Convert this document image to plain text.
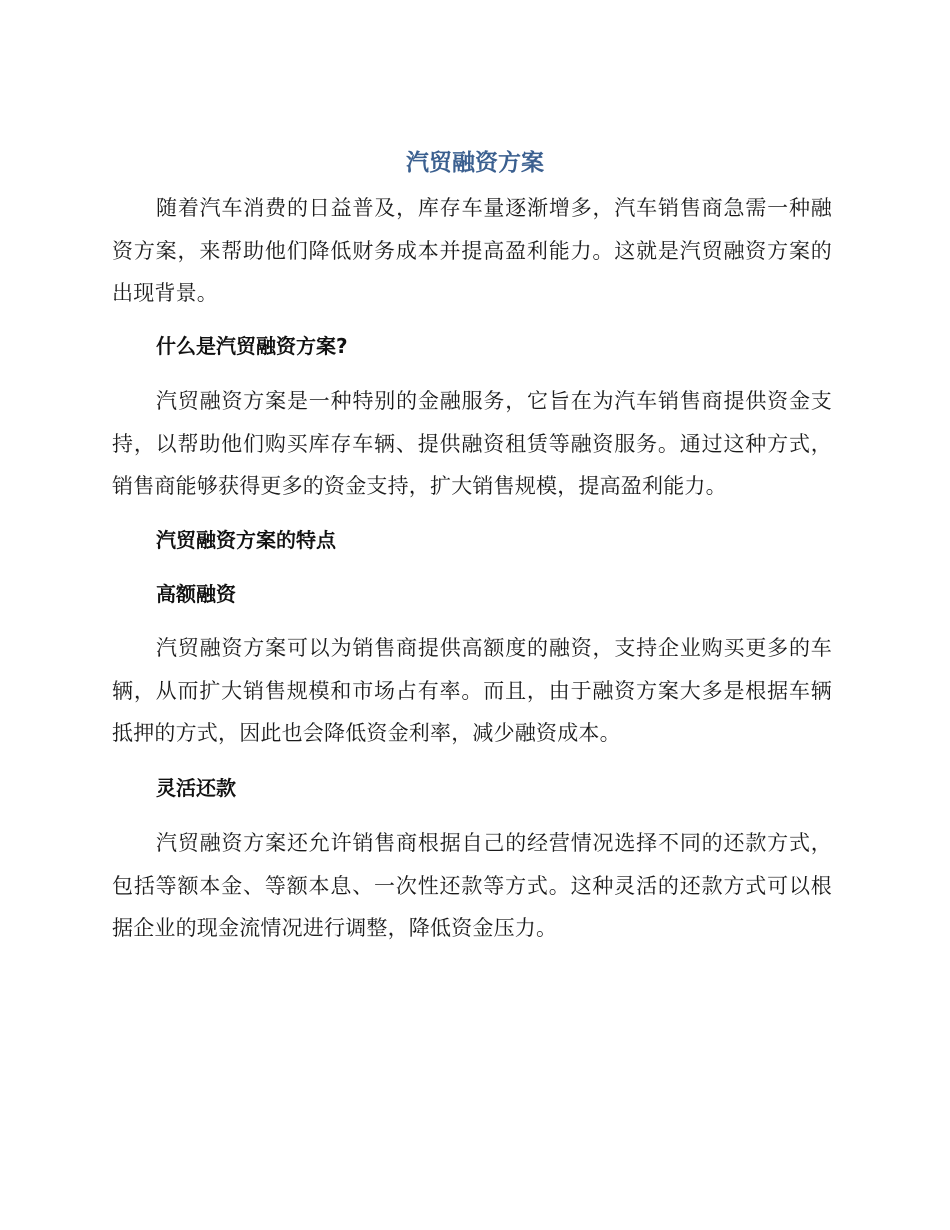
汽贸融资方案

随着汽车消费的日益普及，库存车量逐渐增多，汽车销售商急需一种融资方案，来帮助他们降低财务成本并提高盈利能力。这就是汽贸融资方案的出现背景。

什么是汽贸融资方案?

汽贸融资方案是一种特别的金融服务，它旨在为汽车销售商提供资金支持，以帮助他们购买库存车辆、提供融资租赁等融资服务。通过这种方式，销售商能够获得更多的资金支持，扩大销售规模，提高盈利能力。

汽贸融资方案的特点
高额融资

汽贸融资方案可以为销售商提供高额度的融资，支持企业购买更多的车辆，从而扩大销售规模和市场占有率。而且，由于融资方案大多是根据车辆抵押的方式，因此也会降低资金利率，减少融资成本。

灵活还款

汽贸融资方案还允许销售商根据自己的经营情况选择不同的还款方式，包括等额本金、等额本息、一次性还款等方式。这种灵活的还款方式可以根据企业的现金流情况进行调整，降低资金压力。
